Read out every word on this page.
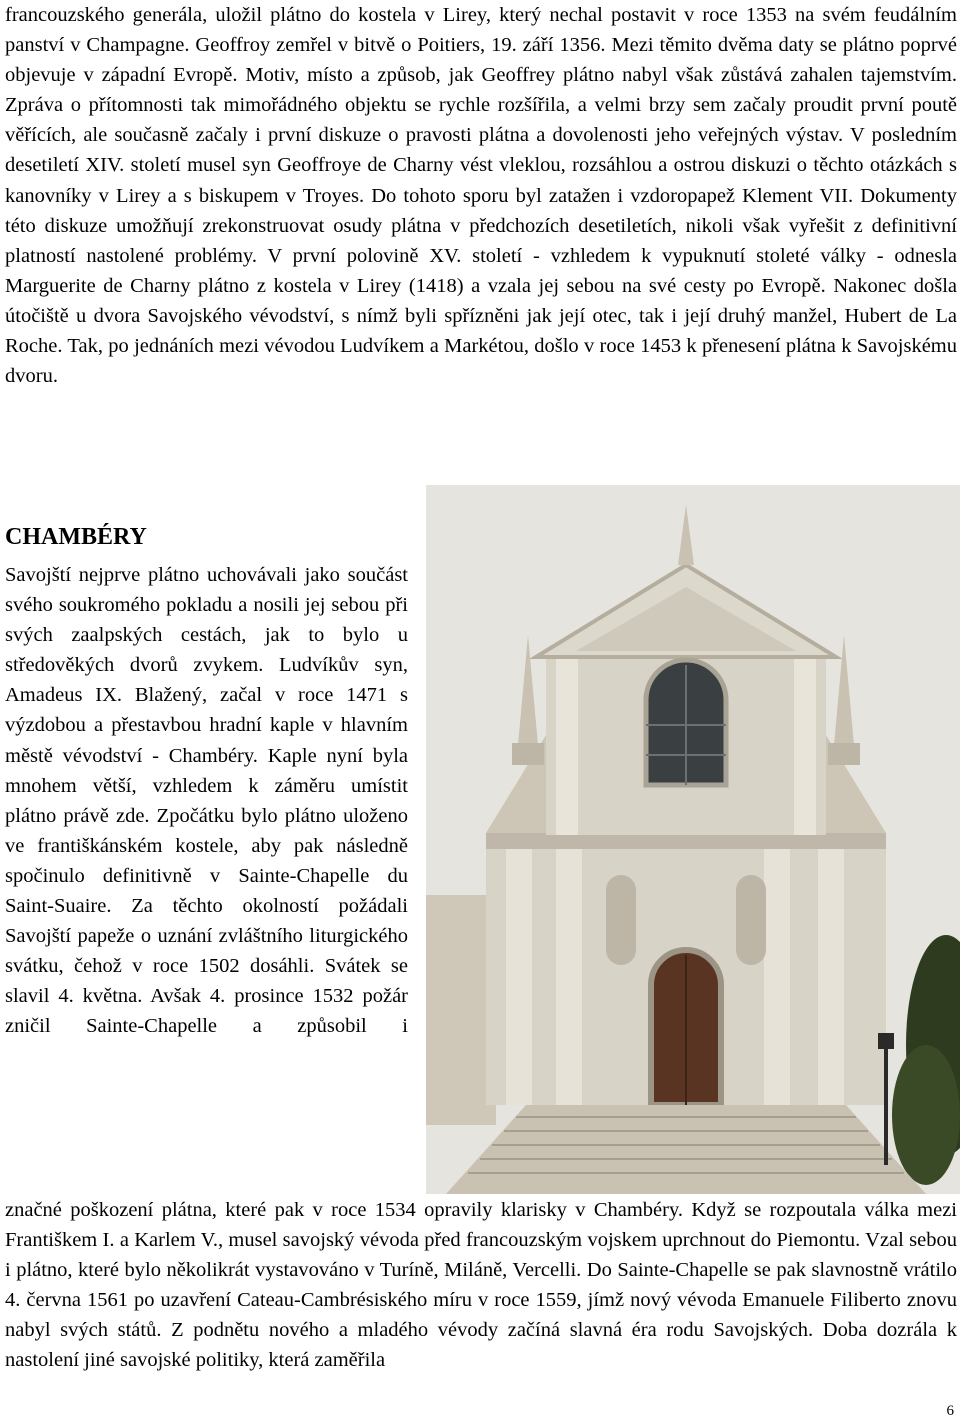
francouzského generála, uložil plátno do kostela v Lirey, který nechal postavit v roce 1353 na svém feudálním panství v Champagne. Geoffroy zemřel v bitvě o Poitiers, 19. září 1356. Mezi těmito dvěma daty se plátno poprvé objevuje v západní Evropě. Motiv, místo a způsob, jak Geoffrey plátno nabyl však zůstává zahalen tajemstvím. Zpráva o přítomnosti tak mimořádného objektu se rychle rozšířila, a velmi brzy sem začaly proudit první poutě věřících, ale současně začaly i první diskuze o pravosti plátna a dovolenosti jeho veřejných výstav. V posledním desetiletí XIV. století musel syn Geoffroye de Charny vést vleklou, rozsáhlou a ostrou diskuzi o těchto otázkách s kanovníky v Lirey a s biskupem v Troyes. Do tohoto sporu byl zatažen i vzdoropapež Klement VII. Dokumenty této diskuze umožňují zrekonstruovat osudy plátna v předchozích desetiletích, nikoli však vyřešit z definitivní platností nastolené problémy. V první polovině XV. století - vzhledem k vypuknutí stoleté války - odnesla Marguerite de Charny plátno z kostela v Lirey (1418) a vzala jej sebou na své cesty po Evropě. Nakonec došla útočiště u dvora Savojského vévodství, s nímž byli spřízněni jak její otec, tak i její druhý manžel, Hubert de La Roche. Tak, po jednáních mezi vévodou Ludvíkem a Markétou, došlo v roce 1453 k přenesení plátna k Savojskému dvoru.

CHAMBÉRY

Savojští nejprve plátno uchovávali jako součást svého soukromého pokladu a nosili jej sebou při svých zaalpských cestách, jak to bylo u středověkých dvorů zvykem. Ludvíkův syn, Amadeus IX. Blažený, začal v roce 1471 s výzdobou a přestavbou hradní kaple v hlavním městě vévodství - Chambéry. Kaple nyní byla mnohem větší, vzhledem k záměru umístit plátno právě zde. Zpočátku bylo plátno uloženo ve františkánském kostele, aby pak následně spočinulo definitivně v Sainte-Chapelle du Saint-Suaire. Za těchto okolností požádali Savojští papeže o uznání zvláštního liturgického svátku, čehož v roce 1502 dosáhli. Svátek se slavil 4. května. Avšak 4. prosince 1532 požár zničil Sainte-Chapelle a způsobil i

značné poškození plátna, které pak v roce 1534 opravily klarisky v Chambéry. Když se rozpoutala válka mezi Františkem I. a Karlem V., musel savojský vévoda před francouzským vojskem uprchnout do Piemontu. Vzal sebou i plátno, které bylo několikrát vystavováno v Turíně, Miláně, Vercelli. Do Sainte-Chapelle se pak slavnostně vrátilo 4. června 1561 po uzavření Cateau-Cambrésiského míru v roce 1559, jímž nový vévoda Emanuele Filiberto znovu nabyl svých států. Z podnětu nového a mladého vévody začíná slavná éra rodu Savojských. Doba dozrála k nastolení jiné savojské politiky, která zaměřila

6
